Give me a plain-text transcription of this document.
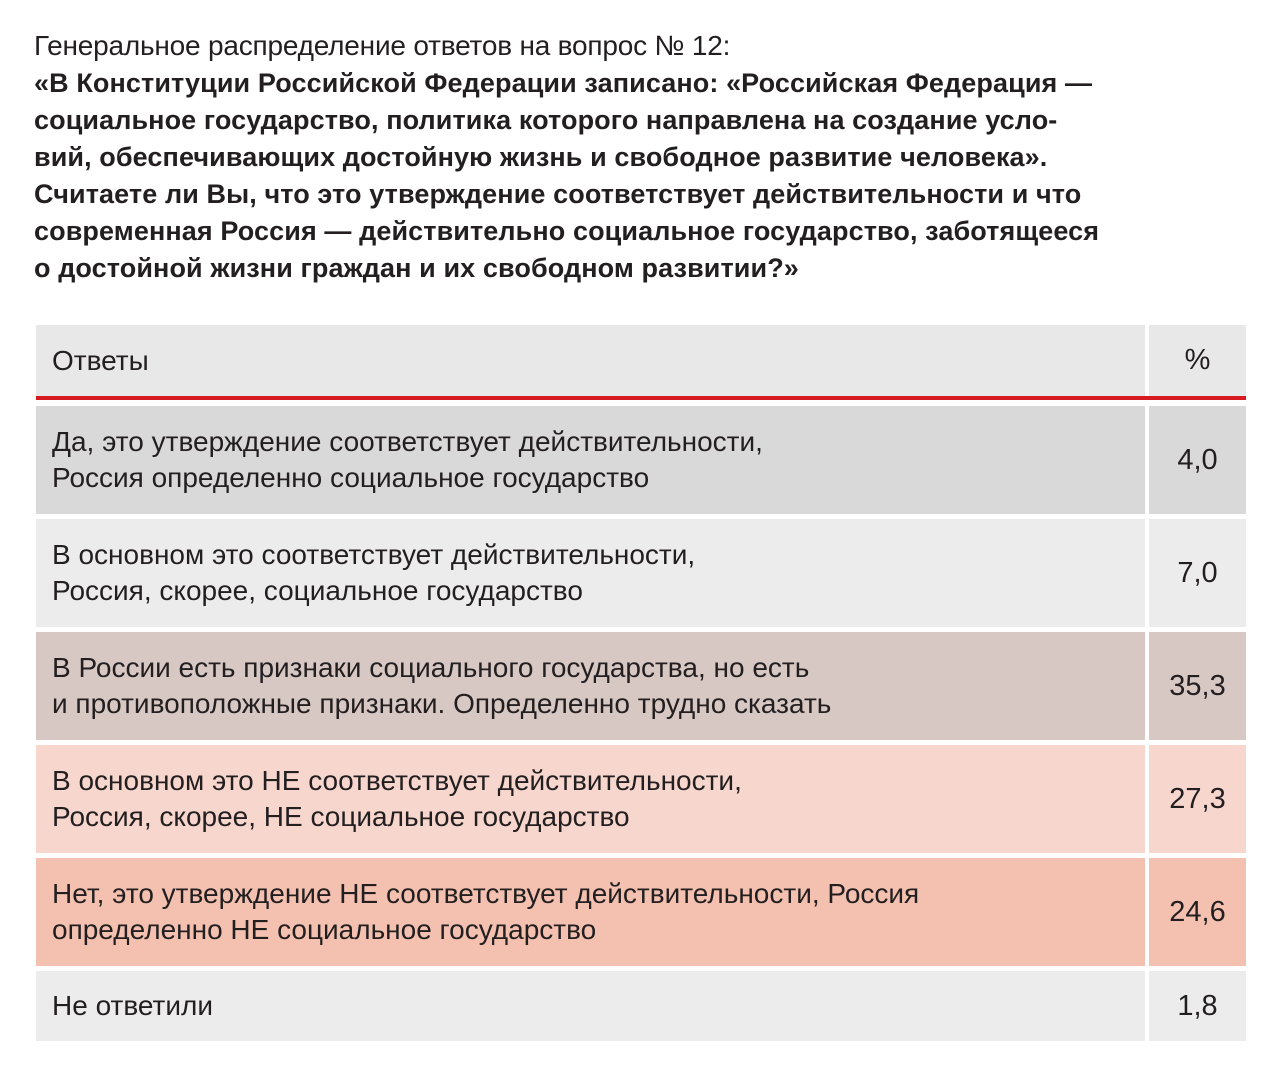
Генеральное распределение ответов на вопрос № 12:
«В Конституции Российской Федерации записано: «Российская Федерация —
социальное государство, политика которого направлена на создание усло-
вий, обеспечивающих достойную жизнь и свободное развитие человека».
Считаете ли Вы, что это утверждение соответствует действительности и что
современная Россия — действительно социальное государство, заботящееся
о достойной жизни граждан и их свободном развитии?»
Ответы	%
Да, это утверждение соответствует действительности,
Россия определенно социальное государство
4,0
В основном это соответствует действительности,
Россия, скорее, социальное государство
7,0
В России есть признаки социального государства, но есть
и противоположные признаки. Определенно трудно сказать
35,3
В основном это НЕ соответствует действительности,
Россия, скорее, НЕ социальное государство
27,3
Нет, это утверждение НЕ соответствует действительности, Россия
определенно НЕ социальное государство
24,6
Не ответили	1,8
